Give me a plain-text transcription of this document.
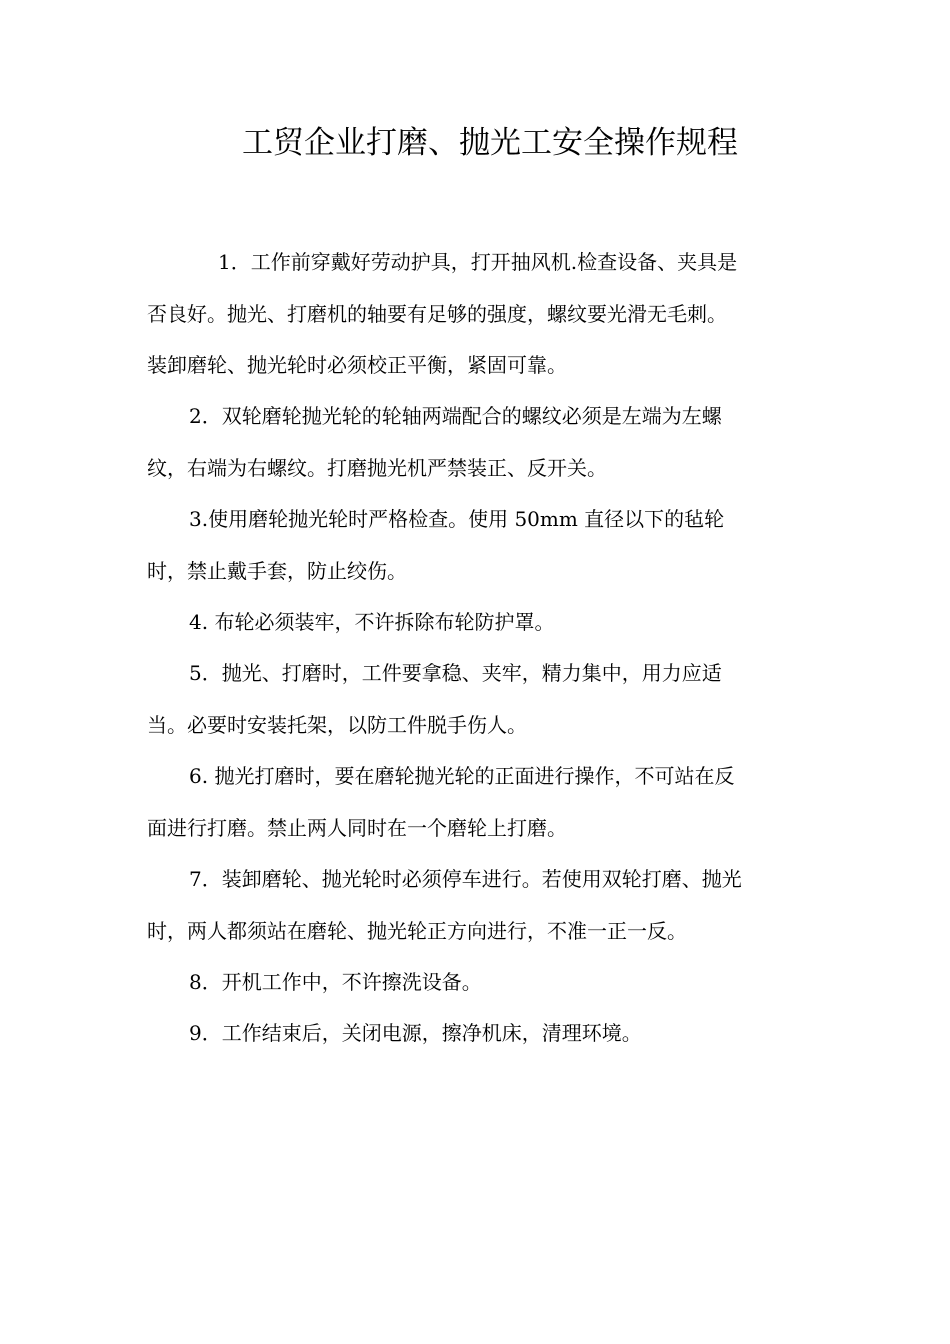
工贸企业打磨、抛光工安全操作规程

1．工作前穿戴好劳动护具，打开抽风机.检查设备、夹具是

否良好。抛光、打磨机的轴要有足够的强度，螺纹要光滑无毛刺。

装卸磨轮、抛光轮时必须校正平衡，紧固可靠。

2．双轮磨轮抛光轮的轮轴两端配合的螺纹必须是左端为左螺

纹，右端为右螺纹。打磨抛光机严禁装正、反开关。

3.使用磨轮抛光轮时严格检查。使用 50mm 直径以下的毡轮

时，禁止戴手套，防止绞伤。

4. 布轮必须装牢，不许拆除布轮防护罩。

5．抛光、打磨时，工件要拿稳、夹牢，精力集中，用力应适

当。必要时安装托架，以防工件脱手伤人。

6. 抛光打磨时，要在磨轮抛光轮的正面进行操作，不可站在反

面进行打磨。禁止两人同时在一个磨轮上打磨。

7．装卸磨轮、抛光轮时必须停车进行。若使用双轮打磨、抛光

时，两人都须站在磨轮、抛光轮正方向进行，不准一正一反。

8．开机工作中，不许擦洗设备。

9．工作结束后，关闭电源，擦净机床，清理环境。
